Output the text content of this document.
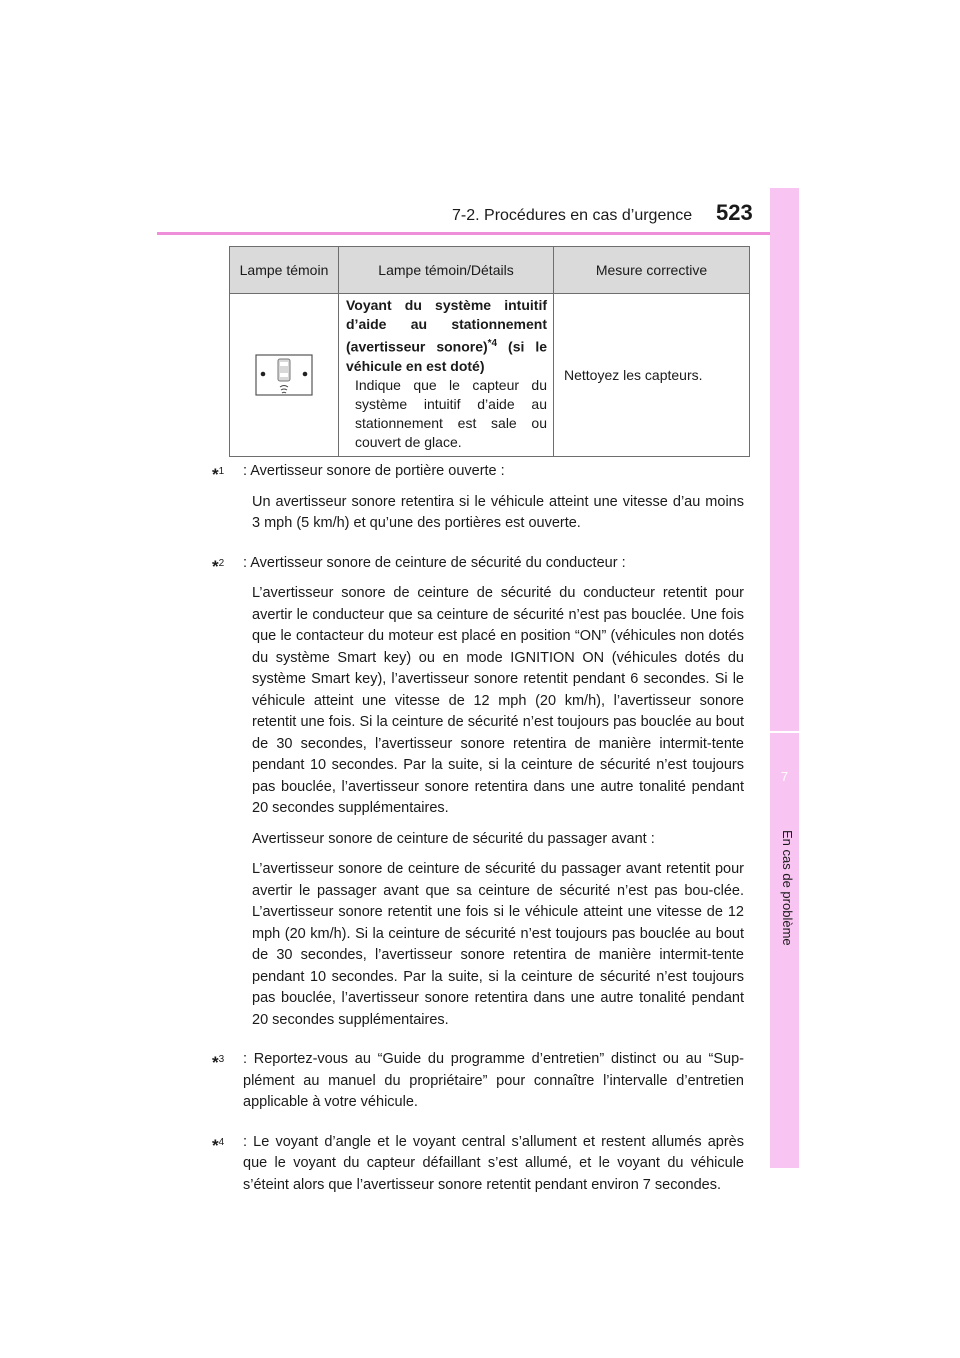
7-2. Procédures en cas d’urgence 523
7
En cas de problème
Lampe témoin	Lampe témoin/Détails	Mesure corrective

Voyant du système intuitif d’aide au stationnement (avertisseur sonore)$^{*4}$ (si le véhicule en est doté)
Indique que le capteur du système intuitif d’aide au stationnement est sale ou couvert de glace.	Nettoyez les capteurs.
*$^1$	: Avertisseur sonore de portière ouverte :

Un avertisseur sonore retentira si le véhicule atteint une vitesse d’au moins 3 mph (5 km/h) et qu’une des portières est ouverte.

*$^2$	: Avertisseur sonore de ceinture de sécurité du conducteur :

L’avertisseur sonore de ceinture de sécurité du conducteur retentit pour avertir le conducteur que sa ceinture de sécurité n’est pas bouclée. Une fois que le contacteur du moteur est placé en position “ON” (véhicules non dotés du système Smart key) ou en mode IGNITION ON (véhicules dotés du système Smart key), l’avertisseur sonore retentit pendant 6 secondes. Si le véhicule atteint une vitesse de 12 mph (20 km/h), l’avertisseur sonore retentit une fois. Si la ceinture de sécurité n’est toujours pas bouclée au bout de 30 secondes, l’avertisseur sonore retentira de manière intermit-tente pendant 10 secondes. Par la suite, si la ceinture de sécurité n’est toujours pas bouclée, l’avertisseur sonore retentira dans une autre tonalité pendant 20 secondes supplémentaires.

Avertisseur sonore de ceinture de sécurité du passager avant :

L’avertisseur sonore de ceinture de sécurité du passager avant retentit pour avertir le passager avant que sa ceinture de sécurité n’est pas bou-clée. L’avertisseur sonore retentit une fois si le véhicule atteint une vitesse de 12 mph (20 km/h). Si la ceinture de sécurité n’est toujours pas bouclée au bout de 30 secondes, l’avertisseur sonore retentira de manière intermit-tente pendant 10 secondes. Par la suite, si la ceinture de sécurité n’est toujours pas bouclée, l’avertisseur sonore retentira dans une autre tonalité pendant 20 secondes supplémentaires.

*$^3$	: Reportez-vous au “Guide du programme d’entretien” distinct ou au “Sup-plément au manuel du propriétaire” pour connaître l’intervalle d’entretien applicable à votre véhicule.

*$^4$	: Le voyant d’angle et le voyant central s’allument et restent allumés après que le voyant du capteur défaillant s’est allumé, et le voyant du véhicule s’éteint alors que l’avertisseur sonore retentit pendant environ 7 secondes.
